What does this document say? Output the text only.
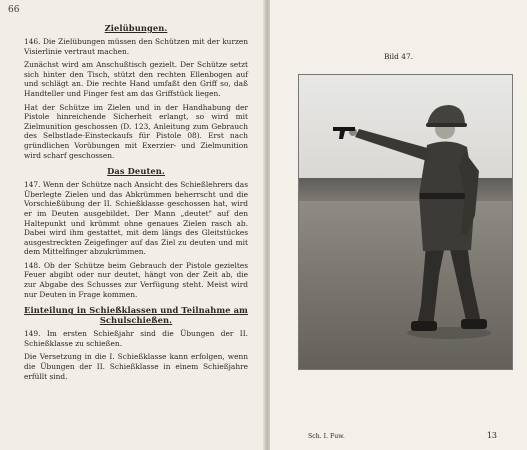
66
Zielübungen.

146. Die Zielübungen müssen den Schützen mit der kurzen Visierlinie vertraut machen.

Zunächst wird am Anschußtisch gezielt. Der Schütze setzt sich hinter den Tisch, stützt den rechten Ellenbogen auf und schlägt an. Die rechte Hand umfaßt den Griff so, daß Handteller und Finger fest am das Griffstück liegen.

Hat der Schütze im Zielen und in der Handhabung der Pistole hinreichende Sicherheit erlangt, so wird mit Zielmunition geschossen (D. 123, Anleitung zum Gebrauch des Selbstlade-Einsteckaufs für Pistole 08). Erst nach gründlichen Vorübungen mit Exerzier- und Zielmunition wird scharf geschossen.

Das Deuten.

147. Wenn der Schütze nach Ansicht des Schießlehrers das Überlegte Zielen und das Abkrümmen beherrscht und die Vorschießübung der II. Schießklasse geschossen hat, wird er im Deuten ausgebildet. Der Mann „deutet" auf den Haltepunkt und krümmt ohne genaues Zielen rasch ab. Dabei wird ihm gestattet, mit dem längs des Gleitstückes ausgestreckten Zeigefinger auf das Ziel zu deuten und mit dem Mittelfinger abzukrümmen.

148. Ob der Schütze beim Gebrauch der Pistole gezieltes Feuer abgibt oder nur deutet, hängt von der Zeit ab, die zur Abgabe des Schusses zur Verfügung steht. Meist wird nur Deuten in Frage kommen.

Einteilung in Schießklassen und Teilnahme am Schulschießen.

149. Im ersten Schießjahr sind die Übungen der II. Schießklasse zu schießen.

Die Versetzung in die I. Schießklasse kann erfolgen, wenn die Übungen der II. Schießklasse in einem Schießjahre erfüllt sind.

Bild 47.
Sch. I. Fuw.	13
